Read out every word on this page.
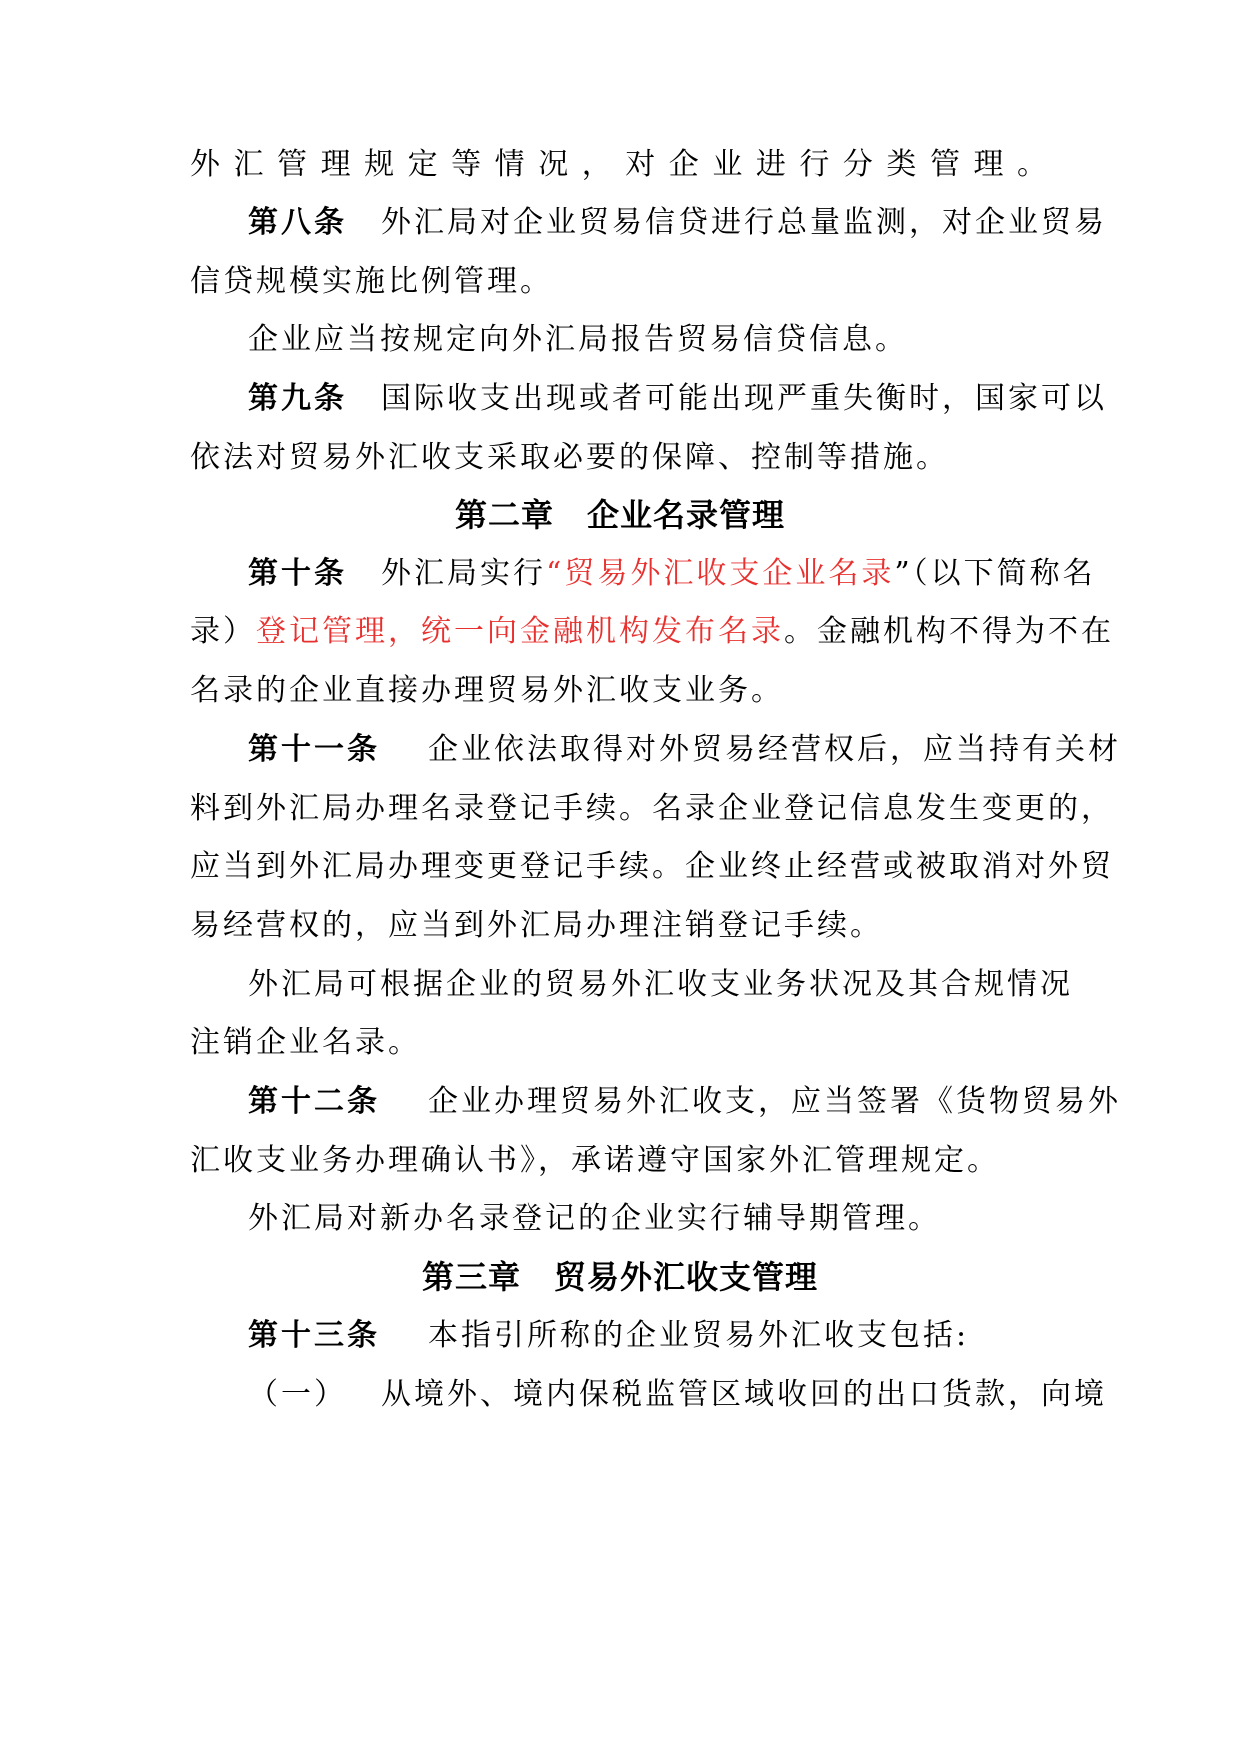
外汇管理规定等情况，对企业进行分类管理。
第八条 外汇局对企业贸易信贷进行总量监测，对企业贸易
信贷规模实施比例管理。
企业应当按规定向外汇局报告贸易信贷信息。
第九条 国际收支出现或者可能出现严重失衡时，国家可以
依法对贸易外汇收支采取必要的保障、控制等措施。
第二章　企业名录管理
第十条 外汇局实行“贸易外汇收支企业名录”（以下简称名
录）登记管理，统一向金融机构发布名录。金融机构不得为不在
名录的企业直接办理贸易外汇收支业务。
第十一条 企业依法取得对外贸易经营权后，应当持有关材
料到外汇局办理名录登记手续。名录企业登记信息发生变更的，
应当到外汇局办理变更登记手续。企业终止经营或被取消对外贸
易经营权的，应当到外汇局办理注销登记手续。
外汇局可根据企业的贸易外汇收支业务状况及其合规情况
注销企业名录。
第十二条 企业办理贸易外汇收支，应当签署《货物贸易外
汇收支业务办理确认书》，承诺遵守国家外汇管理规定。
外汇局对新办名录登记的企业实行辅导期管理。
第三章　贸易外汇收支管理
第十三条 本指引所称的企业贸易外汇收支包括:
（一） 从境外、境内保税监管区域收回的出口货款，向境
